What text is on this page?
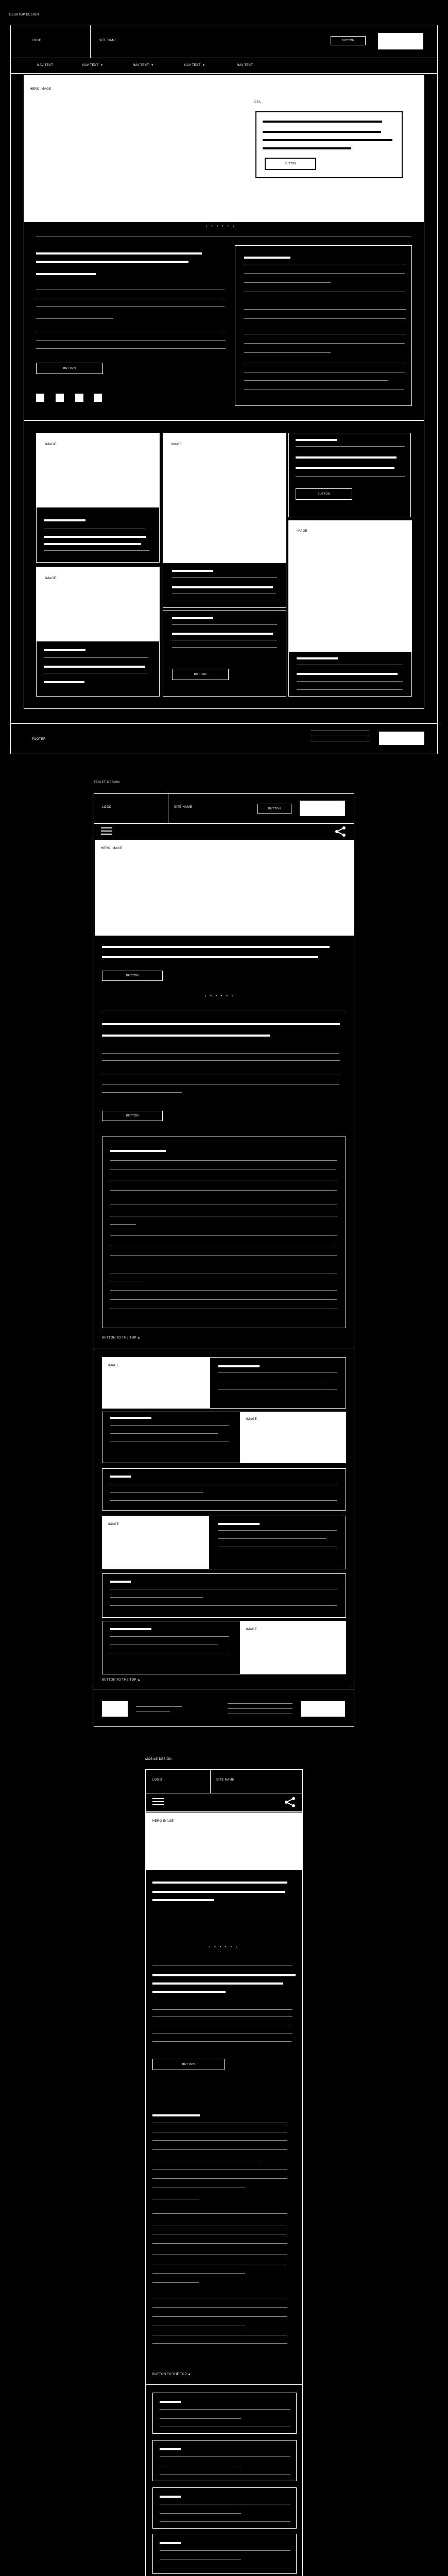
DESKTOP DESIGN
LOGO	SITE NAME	BUTTON
NAV TEXT	NAV TEXT ▼	NAV TEXT ▼	NAV TEXT ▼	NAV TEXT
HERO IMAGE
CTA
BUTTON
‹ • • • • ›
BUTTON
IMAGE	IMAGE
BUTTON
IMAGE
IMAGE
BUTTON
FOOTER
TABLET DESIGN
LOGO	SITE NAME	BUTTON
HERO IMAGE
BUTTON
‹ • • • • ›
BUTTON
BUTTON TO THE TOP ▲
IMAGE
IMAGE
IMAGE
IMAGE
BUTTON TO THE TOP ▲
MOBILE DESIGN
LOGO	SITE NAME
HERO IMAGE
‹ • • • • ›
BUTTON
BUTTON TO THE TOP ▲
